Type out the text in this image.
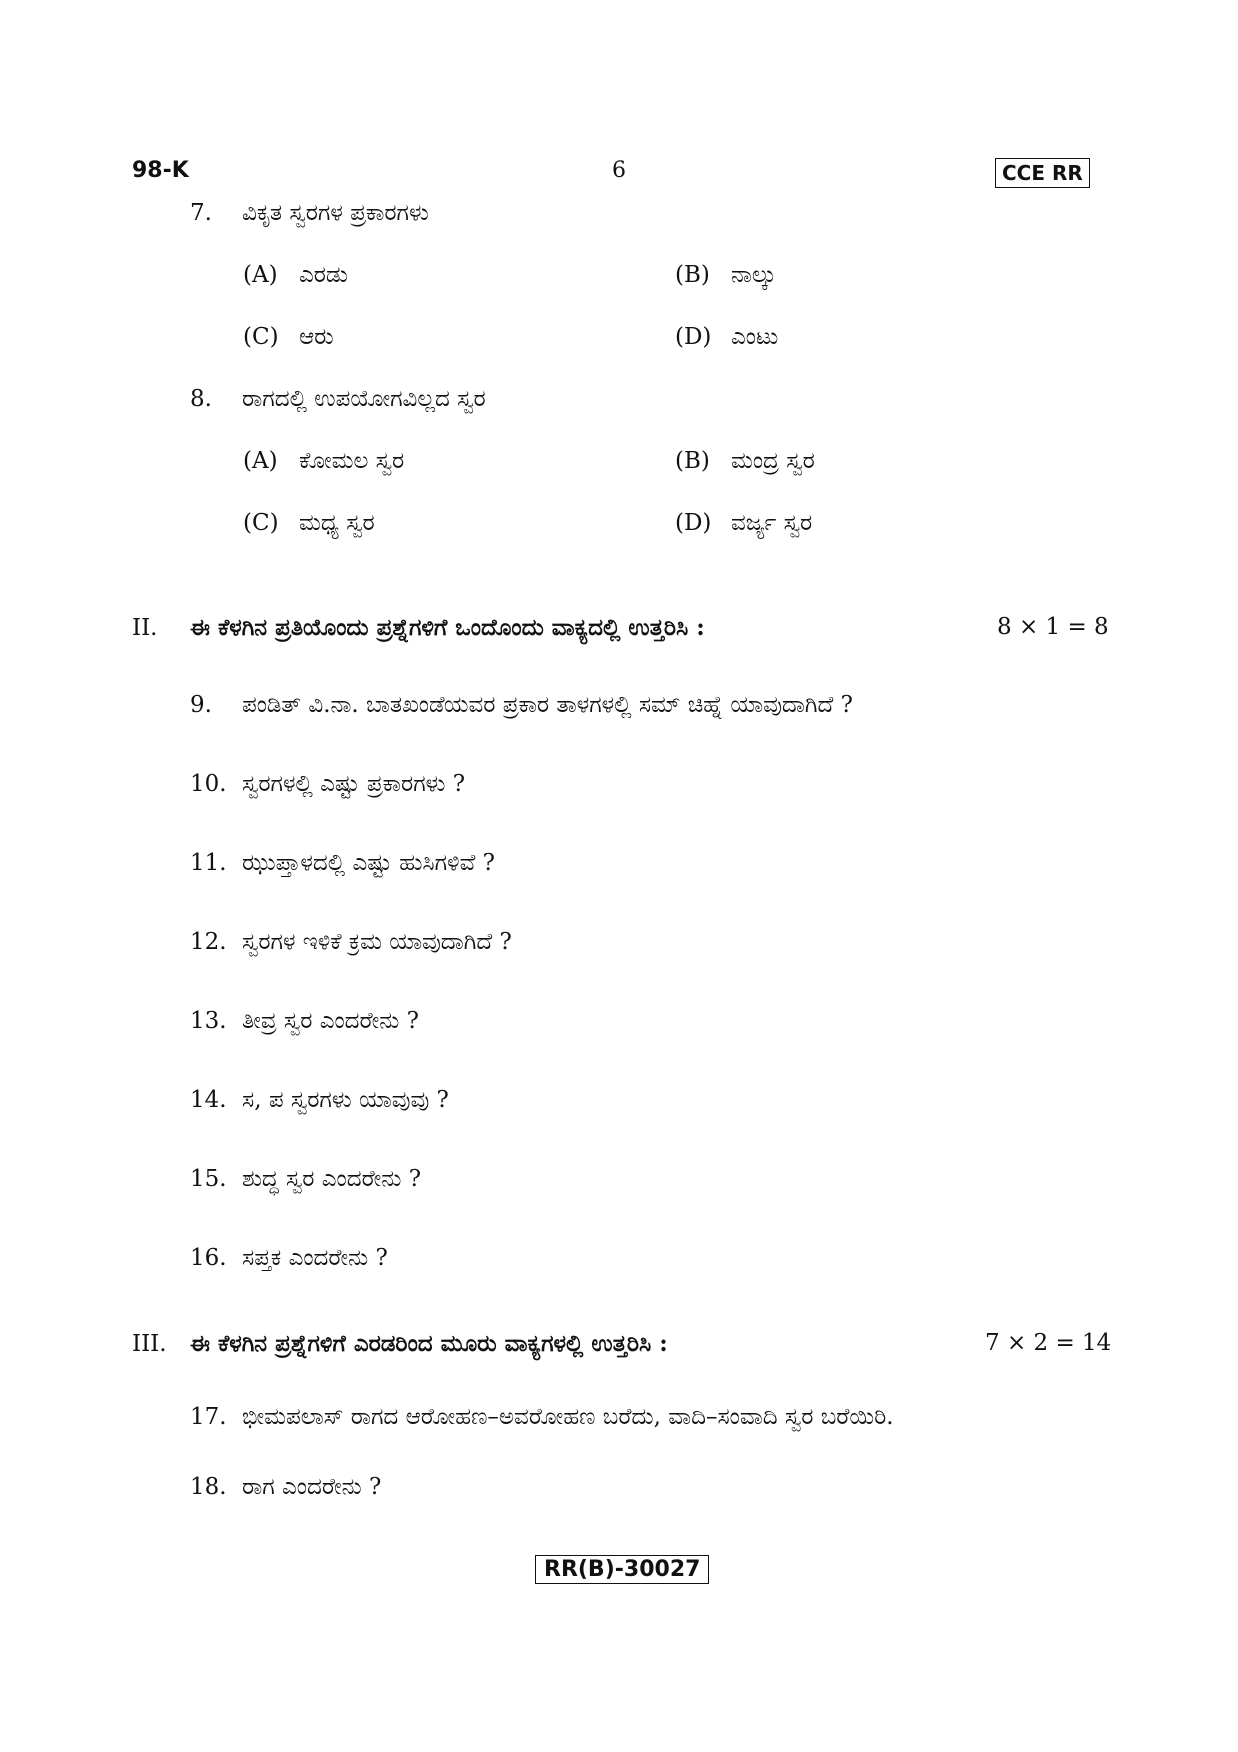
98-K	6	CCE RR
7. ವಿಕೃತ ಸ್ವರಗಳ ಪ್ರಕಾರಗಳು
(A) ಎರಡು	(B) ನಾಲ್ಕು
(C) ಆರು	(D) ಎಂಟು
8. ರಾಗದಲ್ಲಿ ಉಪಯೋಗವಿಲ್ಲದ ಸ್ವರ
(A) ಕೋಮಲ ಸ್ವರ	(B) ಮಂದ್ರ ಸ್ವರ
(C) ಮಧ್ಯ ಸ್ವರ	(D) ವರ್ಜ್ಯ ಸ್ವರ
II. ಈ ಕೆಳಗಿನ ಪ್ರತಿಯೊಂದು ಪ್ರಶ್ನೆಗಳಿಗೆ ಒಂದೊಂದು ವಾಕ್ಯದಲ್ಲಿ ಉತ್ತರಿಸಿ :	8 × 1 = 8
9. ಪಂಡಿತ್ ವಿ.ನಾ. ಬಾತಖಂಡೆಯವರ ಪ್ರಕಾರ ತಾಳಗಳಲ್ಲಿ ಸಮ್ ಚಿಹ್ನೆ ಯಾವುದಾಗಿದೆ ?
10. ಸ್ವರಗಳಲ್ಲಿ ಎಷ್ಟು ಪ್ರಕಾರಗಳು ?
11. ಝುಪ್ತಾಳದಲ್ಲಿ ಎಷ್ಟು ಹುಸಿಗಳಿವೆ ?
12. ಸ್ವರಗಳ ಇಳಿಕೆ ಕ್ರಮ ಯಾವುದಾಗಿದೆ ?
13. ತೀವ್ರ ಸ್ವರ ಎಂದರೇನು ?
14. ಸ, ಪ ಸ್ವರಗಳು ಯಾವುವು ?
15. ಶುದ್ಧ ಸ್ವರ ಎಂದರೇನು ?
16. ಸಪ್ತಕ ಎಂದರೇನು ?
III. ಈ ಕೆಳಗಿನ ಪ್ರಶ್ನೆಗಳಿಗೆ ಎರಡರಿಂದ ಮೂರು ವಾಕ್ಯಗಳಲ್ಲಿ ಉತ್ತರಿಸಿ :	7 × 2 = 14
17. ಭೀಮಪಲಾಸ್ ರಾಗದ ಆರೋಹಣ–ಅವರೋಹಣ ಬರೆದು, ವಾದಿ–ಸಂವಾದಿ ಸ್ವರ ಬರೆಯಿರಿ.
18. ರಾಗ ಎಂದರೇನು ?
RR(B)-30027
